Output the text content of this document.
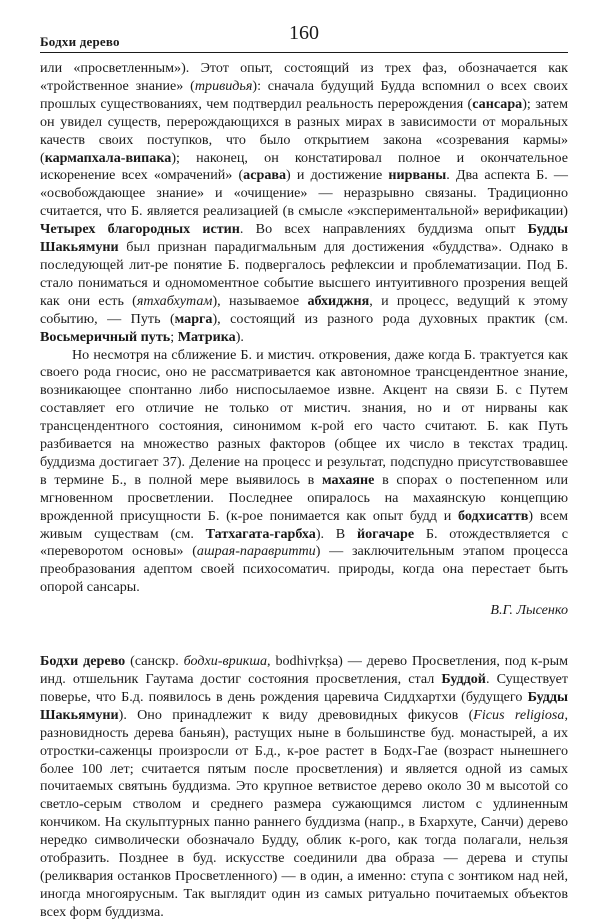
Бодхи дерево	160

или «просветленным»). Этот опыт, состоящий из трех фаз, обозначается как «тройственное знание» (тривидья): сначала будущий Будда вспомнил о всех своих прошлых существованиях, чем подтвердил реальность перерождения (сансара); затем он увидел существ, перерождающихся в разных мирах в зависимости от моральных качеств своих поступков, что было открытием закона «созревания кармы» (кармапхала-випака); наконец, он констатировал полное и окончательное искоренение всех «омрачений» (асрава) и достижение нирваны. Два аспекта Б. — «освобождающее знание» и «очищение» — неразрывно связаны. Традиционно считается, что Б. является реализацией (в смысле «экспериментальной» верификации) Четырех благородных истин. Во всех направлениях буддизма опыт Будды Шакьямуни был признан парадигмальным для достижения «буддства». Однако в последующей лит-ре понятие Б. подвергалось рефлексии и проблематизации. Под Б. стало пониматься и одномоментное событие высшего интуитивного прозрения вещей как они есть (ятхабхутам), называемое абхиджня, и процесс, ведущий к этому событию, — Путь (марга), состоящий из разного рода духовных практик (см. Восьмеричный путь; Матрика).

Но несмотря на сближение Б. и мистич. откровения, даже когда Б. трактуется как своего рода гносис, оно не рассматривается как автономное трансцендентное знание, возникающее спонтанно либо ниспосылаемое извне. Акцент на связи Б. с Путем составляет его отличие не только от мистич. знания, но и от нирваны как трансцендентного состояния, синонимом к-рой его часто считают. Б. как Путь разбивается на множество разных факторов (общее их число в текстах традиц. буддизма достигает 37). Деление на процесс и результат, подспудно присутствовавшее в термине Б., в полной мере выявилось в махаяне в спорах о постепенном или мгновенном просветлении. Последнее опиралось на махаянскую концепцию врожденной присущности Б. (к-рое понимается как опыт будд и бодхисаттв) всем живым существам (см. Татхагата-гарбха). В йогачаре Б. отождествляется с «переворотом основы» (ашрая-паравритти) — заключительным этапом процесса преобразования адептом своей психосоматич. природы, когда она перестает быть опорой сансары.

В.Г. Лысенко

Бодхи дерево (санскр. бодхи-врикша, bodhivṛkṣa) — дерево Просветления, под к-рым инд. отшельник Гаутама достиг состояния просветления, стал Буддой. Существует поверье, что Б.д. появилось в день рождения царевича Сиддхартхи (будущего Будды Шакьямуни). Оно принадлежит к виду древовидных фикусов (Ficus religiosa, разновидность дерева баньян), растущих ныне в большинстве буд. монастырей, а их отростки-саженцы произросли от Б.д., к-рое растет в Бодх-Гае (возраст нынешнего более 100 лет; считается пятым после просветления) и является одной из самых почитаемых святынь буддизма. Это крупное ветвистое дерево около 30 м высотой со светло-серым стволом и среднего размера сужающимся листом с удлиненным кончиком. На скульптурных панно раннего буддизма (напр., в Бхархуте, Санчи) дерево нередко символически обозначало Будду, облик к-рого, как тогда полагали, нельзя отобразить. Позднее в буд. искусстве соединили два образа — дерева и ступы (реликвария останков Просветленного) — в один, а именно: ступа с зонтиком над ней, иногда многоярусным. Так выглядит один из самых ритуально почитаемых объектов всех форм буддизма.
